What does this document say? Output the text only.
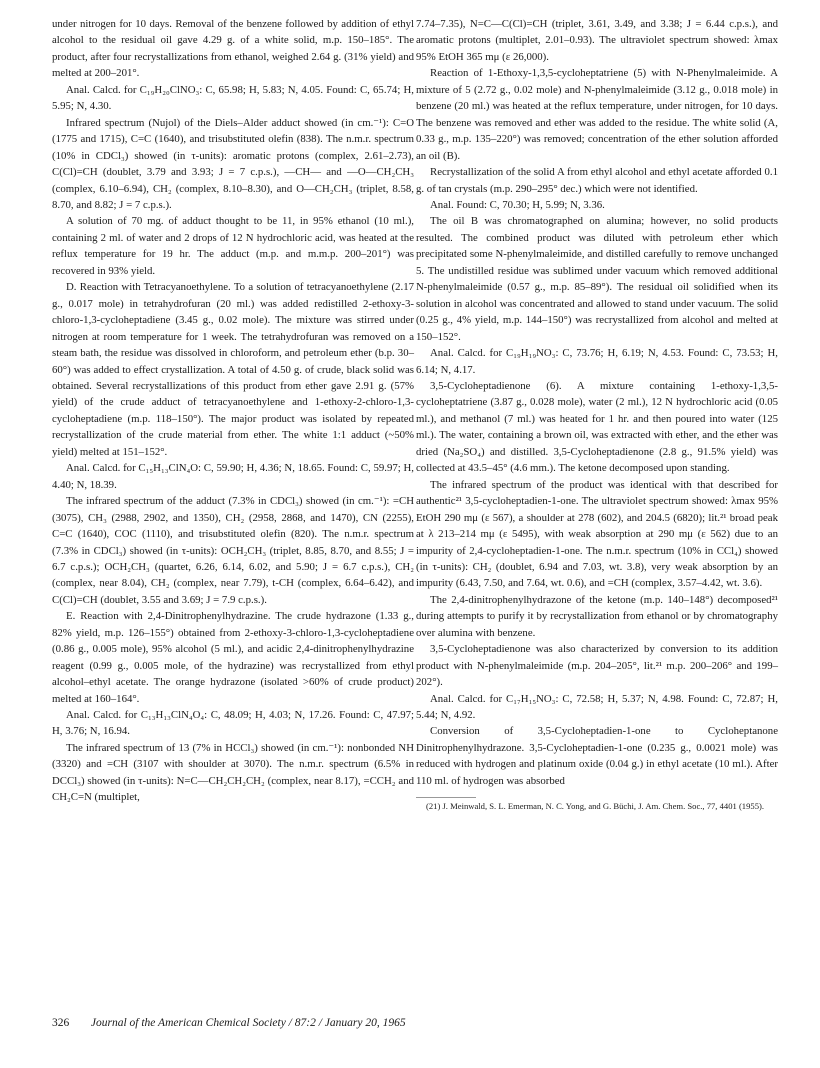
under nitrogen for 10 days. Removal of the benzene followed by addition of ethyl alcohol to the residual oil gave 4.29 g. of a white solid, m.p. 150–185°. The product, after four recrystallizations from ethanol, weighed 2.64 g. (31% yield) and melted at 200–201°.

Anal. Calcd. for C₁₉H₂₀ClNO₃: C, 65.98; H, 5.83; N, 4.05. Found: C, 65.74; H, 5.95; N, 4.30.

Infrared spectrum (Nujol) of the Diels–Alder adduct showed (in cm.⁻¹): C=O (1775 and 1715), C=C (1640), and trisubstituted olefin (838). The n.m.r. spectrum (10% in CDCl₃) showed (in τ-units): aromatic protons (complex, 2.61–2.73), C(Cl)=CH (doublet, 3.79 and 3.93; J = 7 c.p.s.), —CH— and —O—CH₂CH₃ (complex, 6.10–6.94), CH₂ (complex, 8.10–8.30), and O—CH₂CH₃ (triplet, 8.58, 8.70, and 8.82; J = 7 c.p.s.).

A solution of 70 mg. of adduct thought to be 11, in 95% ethanol (10 ml.), containing 2 ml. of water and 2 drops of 12 N hydrochloric acid, was heated at the reflux temperature for 19 hr. The adduct (m.p. and m.m.p. 200–201°) was recovered in 93% yield.

D. Reaction with Tetracyanoethylene. To a solution of tetracyanoethylene (2.17 g., 0.017 mole) in tetrahydrofuran (20 ml.) was added redistilled 2-ethoxy-3-chloro-1,3-cycloheptadiene (3.45 g., 0.02 mole). The mixture was stirred under nitrogen at room temperature for 1 week. The tetrahydrofuran was removed on a steam bath, the residue was dissolved in chloroform, and petroleum ether (b.p. 30–60°) was added to effect crystallization. A total of 4.50 g. of crude, black solid was obtained. Several recrystallizations of this product from ether gave 2.91 g. (57% yield) of the crude adduct of tetracyanoethylene and 1-ethoxy-2-chloro-1,3-cycloheptadiene (m.p. 118–150°). The major product was isolated by repeated recrystallization of the crude material from ether. The white 1:1 adduct (~50% yield) melted at 151–152°.

Anal. Calcd. for C₁₅H₁₃ClN₄O: C, 59.90; H, 4.36; N, 18.65. Found: C, 59.97; H, 4.40; N, 18.39.

The infrared spectrum of the adduct (7.3% in CDCl₃) showed (in cm.⁻¹): =CH (3075), CH₃ (2988, 2902, and 1350), CH₂ (2958, 2868, and 1470), CN (2255), C=C (1640), COC (1110), and trisubstituted olefin (820). The n.m.r. spectrum (7.3% in CDCl₃) showed (in τ-units): OCH₂CH₃ (triplet, 8.85, 8.70, and 8.55; J = 6.7 c.p.s.); OCH₂CH₃ (quartet, 6.26, 6.14, 6.02, and 5.90; J = 6.7 c.p.s.), CH₂ (complex, near 8.04), CH₂ (complex, near 7.79), t-CH (complex, 6.64–6.42), and C(Cl)=CH (doublet, 3.55 and 3.69; J = 7.9 c.p.s.).

E. Reaction with 2,4-Dinitrophenylhydrazine. The crude hydrazone (1.33 g., 82% yield, m.p. 126–155°) obtained from 2-ethoxy-3-chloro-1,3-cycloheptadiene (0.86 g., 0.005 mole), 95% alcohol (5 ml.), and acidic 2,4-dinitrophenylhydrazine reagent (0.99 g., 0.005 mole, of the hydrazine) was recrystallized from ethyl alcohol–ethyl acetate. The orange hydrazone (isolated >60% of crude product) melted at 160–164°.

Anal. Calcd. for C₁₃H₁₃ClN₄O₄: C, 48.09; H, 4.03; N, 17.26. Found: C, 47.97; H, 3.76; N, 16.94.

The infrared spectrum of 13 (7% in HCCl₃) showed (in cm.⁻¹): nonbonded NH (3320) and =CH (3107 with shoulder at 3070). The n.m.r. spectrum (6.5% in DCCl₃) showed (in τ-units): N=C—CH₂CH₂CH₂ (complex, near 8.17), =CCH₂ and CH₂C=N (multiplet,

7.74–7.35), N=C—C(Cl)=CH (triplet, 3.61, 3.49, and 3.38; J = 6.44 c.p.s.), and aromatic protons (multiplet, 2.01–0.93). The ultraviolet spectrum showed: λmax 95% EtOH 365 mμ (ε 26,000).

Reaction of 1-Ethoxy-1,3,5-cycloheptatriene (5) with N-Phenylmaleimide. A mixture of 5 (2.72 g., 0.02 mole) and N-phenylmaleimide (3.12 g., 0.018 mole) in benzene (20 ml.) was heated at the reflux temperature, under nitrogen, for 10 days. The benzene was removed and ether was added to the residue. The white solid (A, 0.33 g., m.p. 135–220°) was removed; concentration of the ether solution afforded an oil (B).

Recrystallization of the solid A from ethyl alcohol and ethyl acetate afforded 0.1 g. of tan crystals (m.p. 290–295° dec.) which were not identified.

Anal. Found: C, 70.30; H, 5.99; N, 3.36.

The oil B was chromatographed on alumina; however, no solid products resulted. The combined product was diluted with petroleum ether which precipitated some N-phenylmaleimide, and distilled carefully to remove unchanged 5. The undistilled residue was sublimed under vacuum which removed additional N-phenylmaleimide (0.57 g., m.p. 85–89°). The residual oil solidified when its solution in alcohol was concentrated and allowed to stand under vacuum. The solid (0.25 g., 4% yield, m.p. 144–150°) was recrystallized from alcohol and melted at 150–152°.

Anal. Calcd. for C₁₉H₁₉NO₃: C, 73.76; H, 6.19; N, 4.53. Found: C, 73.53; H, 6.14; N, 4.17.

3,5-Cycloheptadienone (6). A mixture containing 1-ethoxy-1,3,5-cycloheptatriene (3.87 g., 0.028 mole), water (2 ml.), 12 N hydrochloric acid (0.05 ml.), and methanol (7 ml.) was heated for 1 hr. and then poured into water (125 ml.). The water, containing a brown oil, was extracted with ether, and the ether was dried (Na₂SO₄) and distilled. 3,5-Cycloheptadienone (2.8 g., 91.5% yield) was collected at 43.5–45° (4.6 mm.). The ketone decomposed upon standing.

The infrared spectrum of the product was identical with that described for authentic²¹ 3,5-cycloheptadien-1-one. The ultraviolet spectrum showed: λmax 95% EtOH 290 mμ (ε 567), a shoulder at 278 (602), and 204.5 (6820); lit.²¹ broad peak at λ 213–214 mμ (ε 5495), with weak absorption at 290 mμ (ε 562) due to an impurity of 2,4-cycloheptadien-1-one. The n.m.r. spectrum (10% in CCl₄) showed (in τ-units): CH₂ (doublet, 6.94 and 7.03, wt. 3.8), very weak absorption by an impurity (6.43, 7.50, and 7.64, wt. 0.6), and =CH (complex, 3.57–4.42, wt. 3.6).

The 2,4-dinitrophenylhydrazone of the ketone (m.p. 140–148°) decomposed²¹ during attempts to purify it by recrystallization from ethanol or by chromatography over alumina with benzene.

3,5-Cycloheptadienone was also characterized by conversion to its addition product with N-phenylmaleimide (m.p. 204–205°, lit.²¹ m.p. 200–206° and 199–202°).

Anal. Calcd. for C₁₇H₁₅NO₃: C, 72.58; H, 5.37; N, 4.98. Found: C, 72.87; H, 5.44; N, 4.92.

Conversion of 3,5-Cycloheptadien-1-one to Cycloheptanone Dinitrophenylhydrazone. 3,5-Cycloheptadien-1-one (0.235 g., 0.0021 mole) was reduced with hydrogen and platinum oxide (0.04 g.) in ethyl acetate (10 ml.). After 110 ml. of hydrogen was absorbed

(21) J. Meinwald, S. L. Emerman, N. C. Yong, and G. Büchi, J. Am. Chem. Soc., 77, 4401 (1955).

326 Journal of the American Chemical Society / 87:2 / January 20, 1965
